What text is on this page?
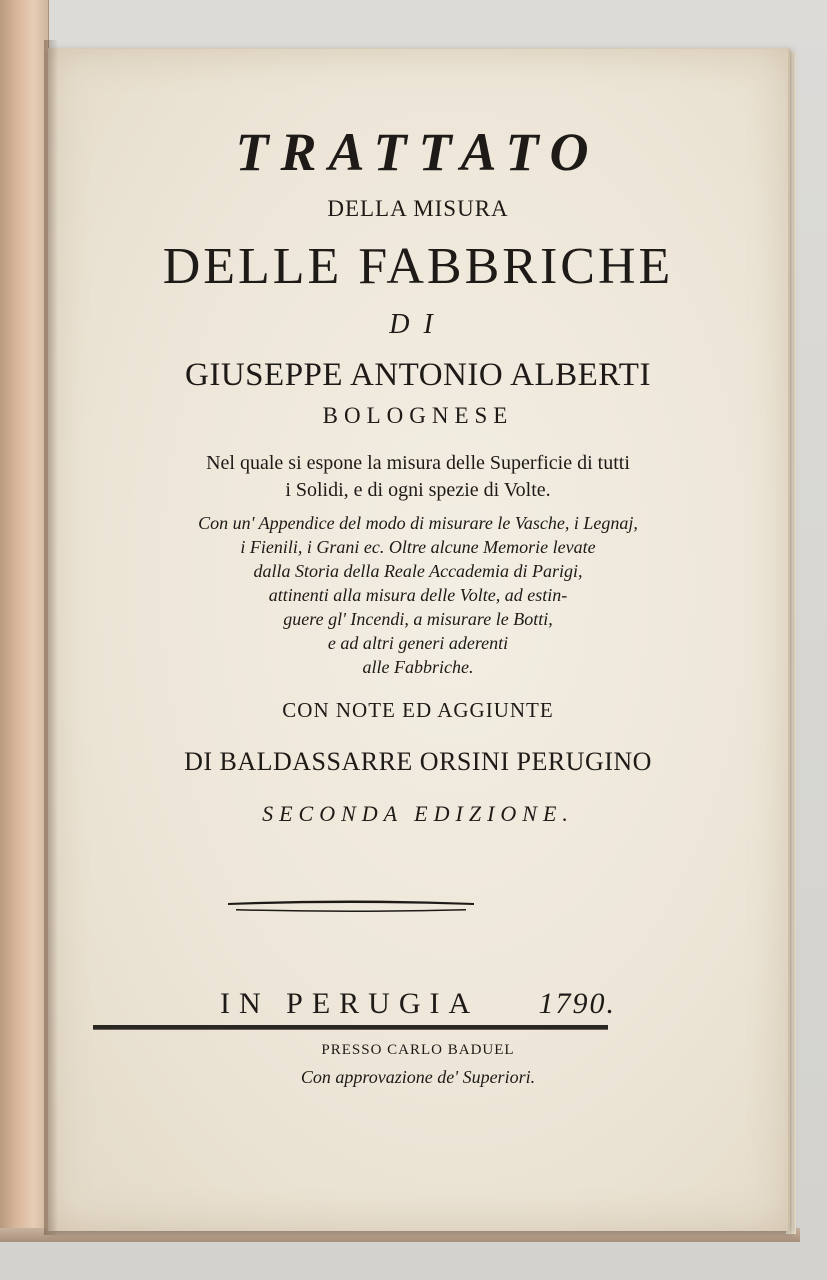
TRATTATO
DELLA MISURA
DELLE FABBRICHE
DI
GIUSEPPE ANTONIO ALBERTI
BOLOGNESE
Nel quale si espone la misura delle Superficie di tutti
i Solidi, e di ogni spezie di Volte.
Con un' Appendice del modo di misurare le Vasche, i Legnaj,
i Fienili, i Grani ec. Oltre alcune Memorie levate
dalla Storia della Reale Accademia di Parigi,
attinenti alla misura delle Volte, ad estin-
guere gl' Incendi, a misurare le Botti,
e ad altri generi aderenti
alle Fabbriche.
CON NOTE ED AGGIUNTE
DI BALDASSARRE ORSINI PERUGINO
SECONDA EDIZIONE.
IN PERUGIA 1790.
PRESSO CARLO BADUEL
Con approvazione de' Superiori.
